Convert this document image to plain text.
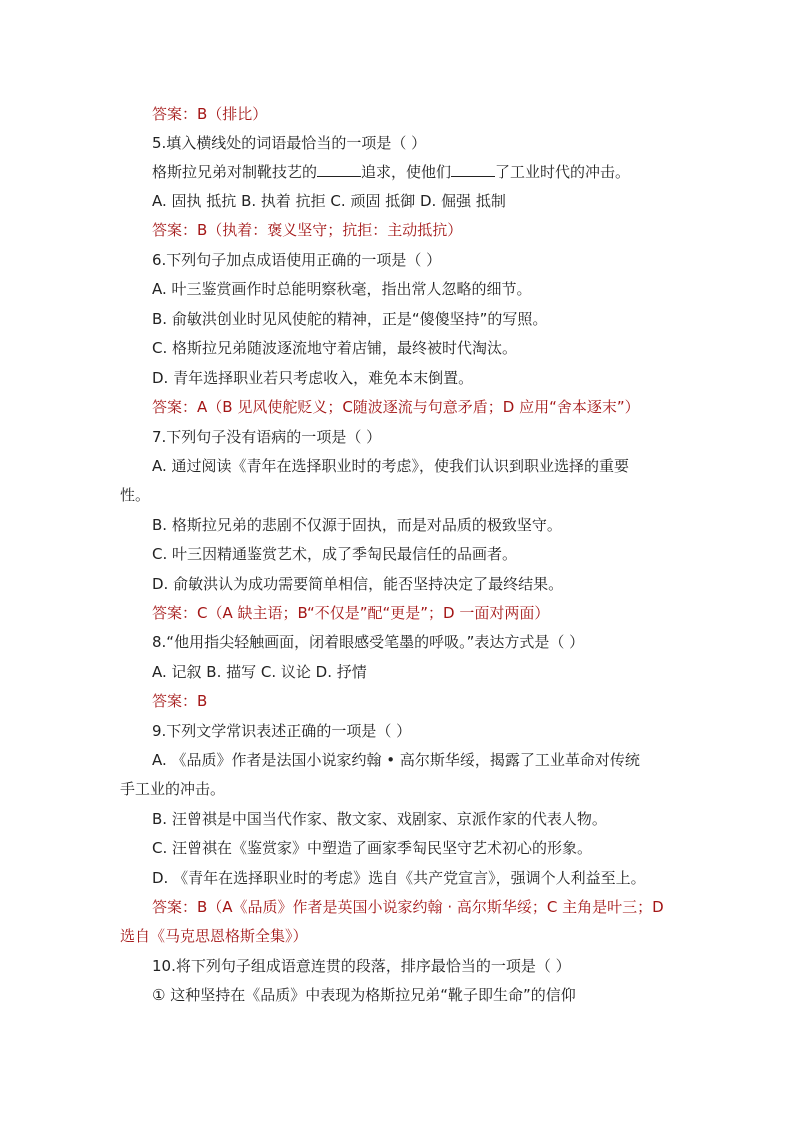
答案：B（排比）
5.填入横线处的词语最恰当的一项是（ ）
格斯拉兄弟对制靴技艺的	追求，使他们	了工业时代的冲击。
A. 固执 抵抗 B. 执着 抗拒 C. 顽固 抵御 D. 倔强 抵制
答案：B（执着：褒义坚守；抗拒：主动抵抗）
6.下列句子加点成语使用正确的一项是（ ）
A. 叶三鉴赏画作时总能明察秋毫，指出常人忽略的细节。
B. 俞敏洪创业时见风使舵的精神，正是“傻傻坚持”的写照。
C. 格斯拉兄弟随波逐流地守着店铺，最终被时代淘汰。
D. 青年选择职业若只考虑收入，难免本末倒置。
答案：A（B 见风使舵贬义；C随波逐流与句意矛盾；D 应用“舍本逐末”）
7.下列句子没有语病的一项是（ ）
A. 通过阅读《青年在选择职业时的考虑》，使我们认识到职业选择的重要
性。
B. 格斯拉兄弟的悲剧不仅源于固执，而是对品质的极致坚守。
C. 叶三因精通鉴赏艺术，成了季匋民最信任的品画者。
D. 俞敏洪认为成功需要简单相信，能否坚持决定了最终结果。
答案：C（A 缺主语；B“不仅是”配“更是”；D 一面对两面）
8.“他用指尖轻触画面，闭着眼感受笔墨的呼吸。”表达方式是（ ）
A. 记叙 B. 描写 C. 议论 D. 抒情
答案：B
9.下列文学常识表述正确的一项是（ ）
A. 《品质》作者是法国小说家约翰 • 高尔斯华绥，揭露了工业革命对传统
手工业的冲击。
B. 汪曾祺是中国当代作家、散文家、戏剧家、京派作家的代表人物。
C. 汪曾祺在《鉴赏家》中塑造了画家季匋民坚守艺术初心的形象。
D. 《青年在选择职业时的考虑》选自《共产党宣言》，强调个人利益至上。
答案：B（A《品质》作者是英国小说家约翰 · 高尔斯华绥；C 主角是叶三；D
选自《马克思恩格斯全集》）
10.将下列句子组成语意连贯的段落，排序最恰当的一项是（ ）
① 这种坚持在《品质》中表现为格斯拉兄弟“靴子即生命”的信仰
